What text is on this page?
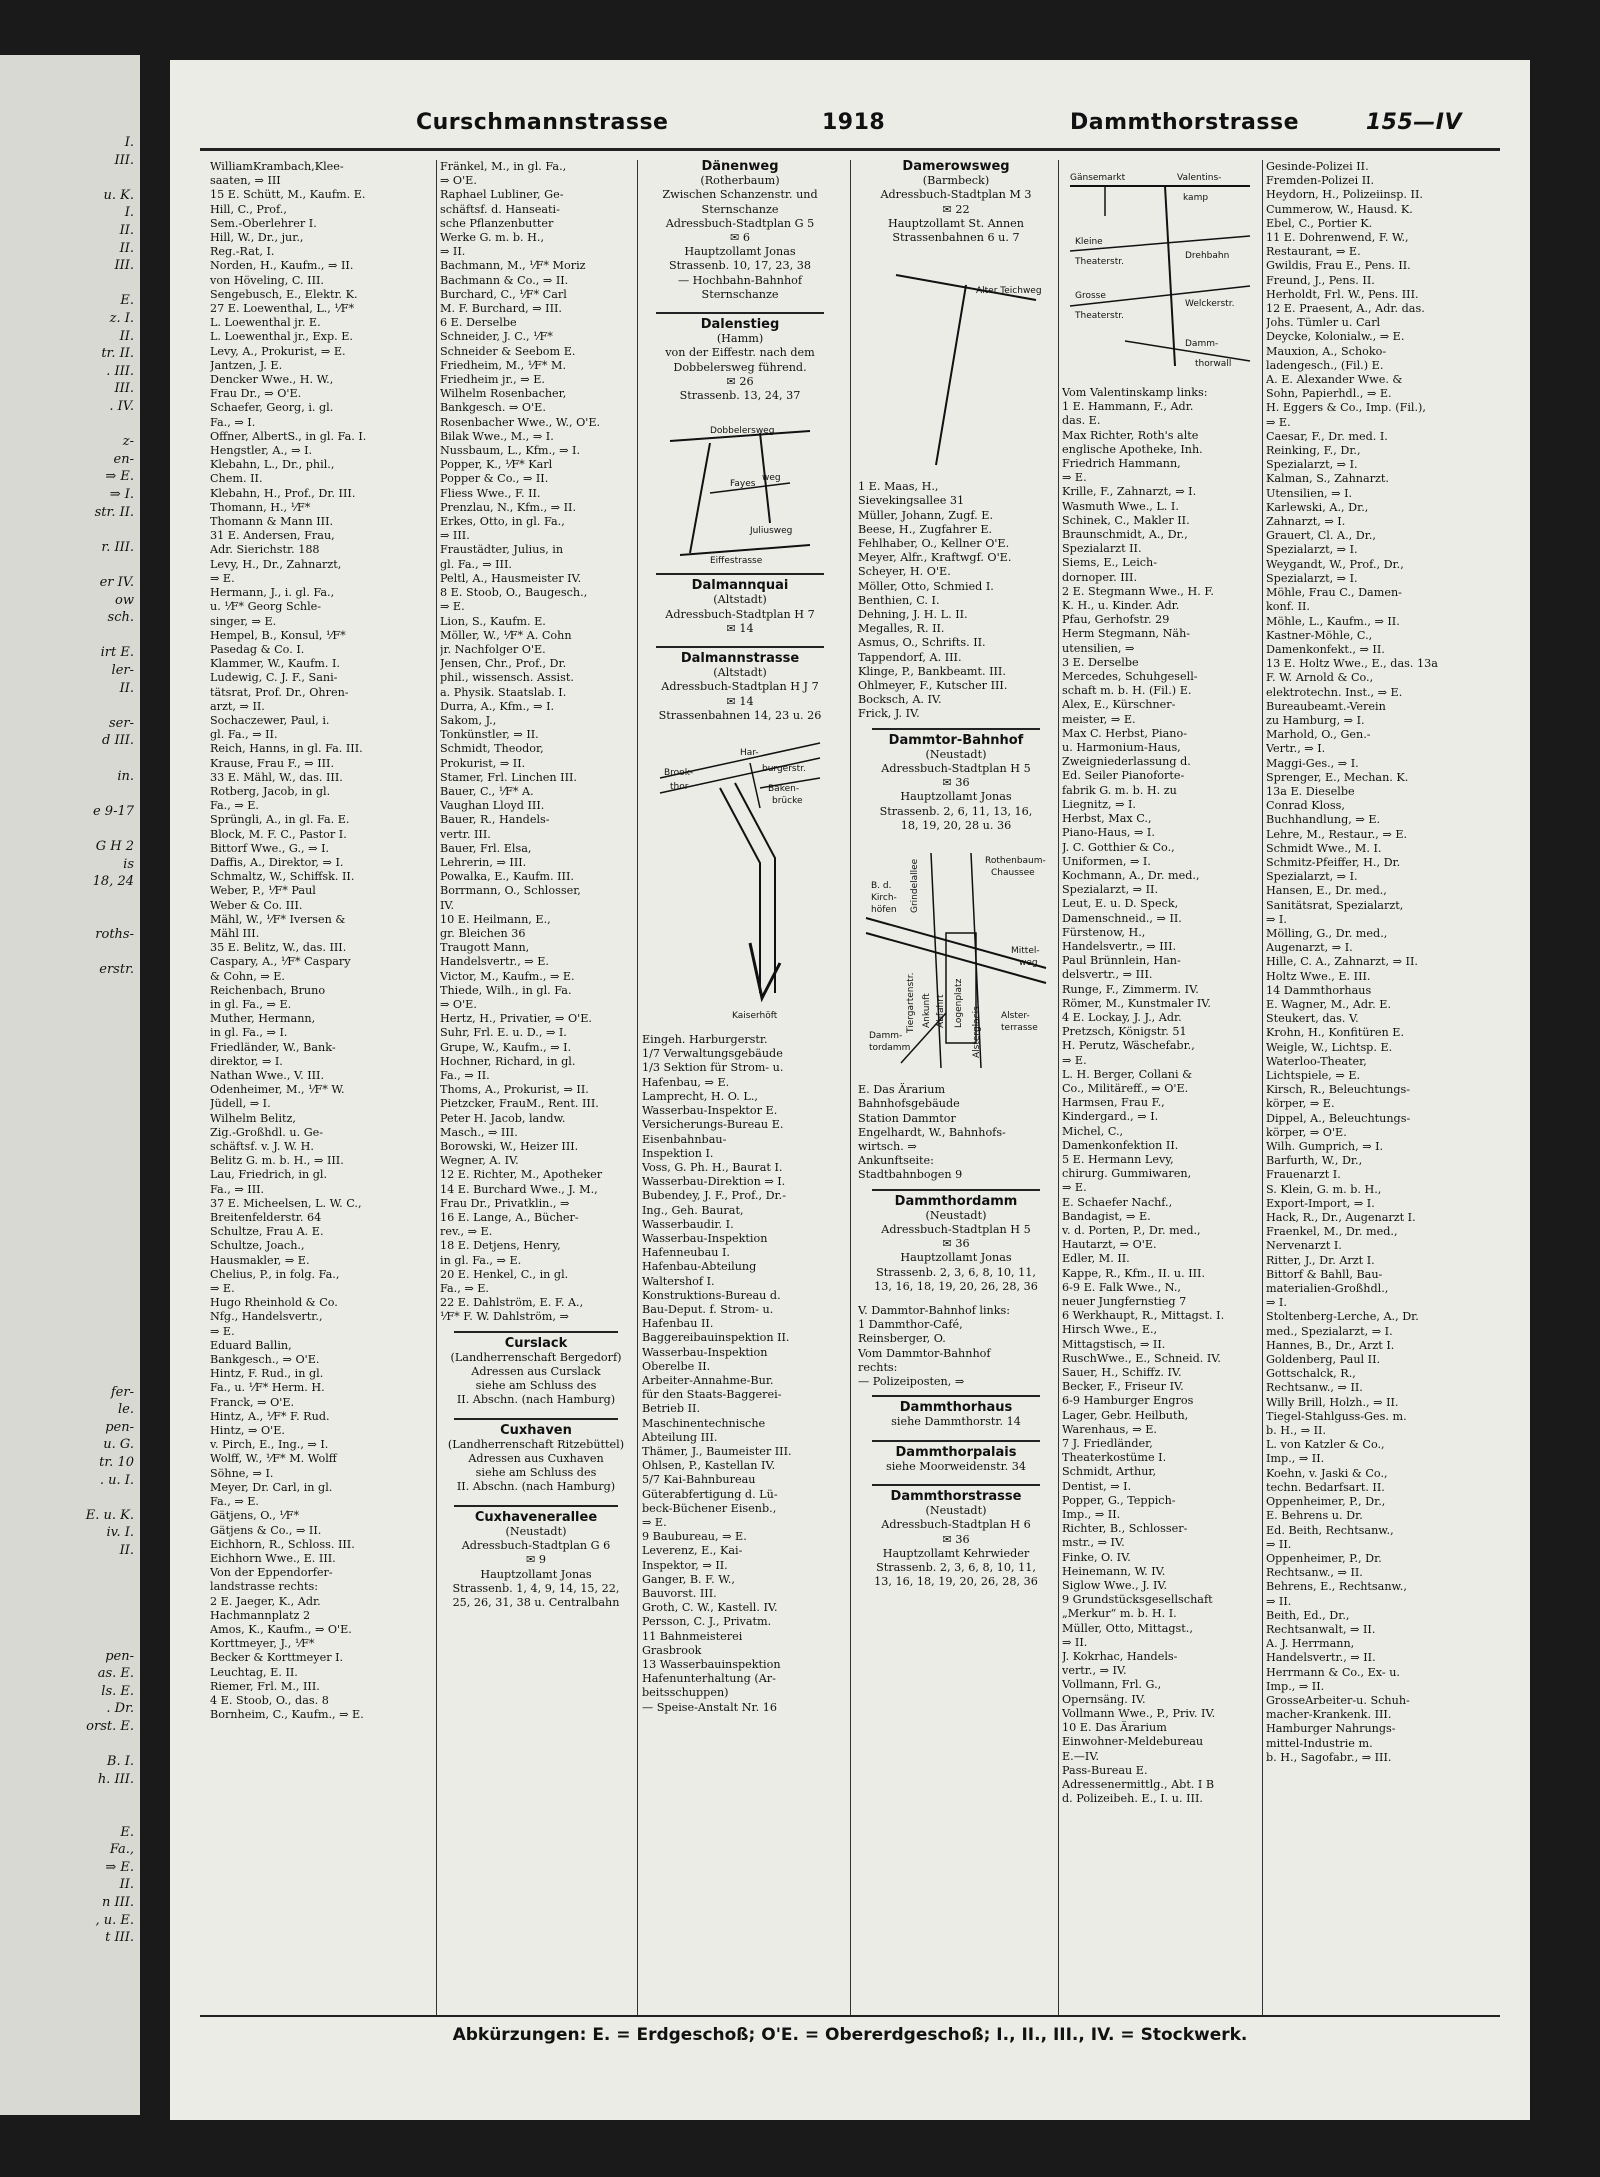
I.
III.
u. K.
I.
II.
II.
III.
E.
z. I.
II.
tr. II.
. III.
III.
. IV.
z-
en-
⇒ E.
⇒ I.
str. II.
r. III.
er IV.
ow
sch.
irt E.
ler-
II.
ser-
d III.
in.
e 9-17
G H 2
is
18, 24
roths-
erstr.
fer-
le.
pen-
u. G.
tr. 10
. u. I.
E. u. K.
iv. I.
II.
pen-
as. E.
ls. E.
. Dr.
orst. E.
B. I.
h. III.
E.
Fa.,
⇒ E.
II.
n III.
, u. E.
t III.
Curschmannstrasse	1918	Dammthorstrasse	155—IV
WilliamKrambach,Klee-
saaten, ⇒ III
15 E. Schütt, M., Kaufm. E.
Hill, C., Prof.,
Sem.-Oberlehrer I.
Hill, W., Dr., jur.,
Reg.-Rat, I.
Norden, H., Kaufm., ⇒ II.
von Höveling, C. III.
Sengebusch, E., Elektr. K.
27 E. Loewenthal, L., ⅟F*
L. Loewenthal jr. E.
L. Loewenthal jr., Exp. E.
Levy, A., Prokurist, ⇒ E.
Jantzen, J. E.
Dencker Wwe., H. W.,
Frau Dr., ⇒ O'E.
Schaefer, Georg, i. gl.
Fa., ⇒ I.
Offner, AlbertS., in gl. Fa. I.
Hengstler, A., ⇒ I.
Klebahn, L., Dr., phil.,
Chem. II.
Klebahn, H., Prof., Dr. III.
Thomann, H., ⅟F*
Thomann & Mann III.
31 E. Andersen, Frau,
Adr. Sierichstr. 188
Levy, H., Dr., Zahnarzt,
⇒ E.
Hermann, J., i. gl. Fa.,
u. ⅟F* Georg Schle-
singer, ⇒ E.
Hempel, B., Konsul, ⅟F*
Pasedag & Co. I.
Klammer, W., Kaufm. I.
Ludewig, C. J. F., Sani-
tätsrat, Prof. Dr., Ohren-
arzt, ⇒ II.
Sochaczewer, Paul, i.
gl. Fa., ⇒ II.
Reich, Hanns, in gl. Fa. III.
Krause, Frau F., ⇒ III.
33 E. Mähl, W., das. III.
Rotberg, Jacob, in gl.
Fa., ⇒ E.
Sprüngli, A., in gl. Fa. E.
Block, M. F. C., Pastor I.
Bittorf Wwe., G., ⇒ I.
Daffis, A., Direktor, ⇒ I.
Schmaltz, W., Schiffsk. II.
Weber, P., ⅟F* Paul
Weber & Co. III.
Mähl, W., ⅟F* Iversen &
Mähl III.
35 E. Belitz, W., das. III.
Caspary, A., ⅟F* Caspary
& Cohn, ⇒ E.
Reichenbach, Bruno
in gl. Fa., ⇒ E.
Muther, Hermann,
in gl. Fa., ⇒ I.
Friedländer, W., Bank-
direktor, ⇒ I.
Nathan Wwe., V. III.
Odenheimer, M., ⅟F* W.
Jüdell, ⇒ I.
Wilhelm Belitz,
Zig.-Großhdl. u. Ge-
schäftsf. v. J. W. H.
Belitz G. m. b. H., ⇒ III.
Lau, Friedrich, in gl.
Fa., ⇒ III.
37 E. Micheelsen, L. W. C.,
Breitenfelderstr. 64
Schultze, Frau A. E.
Schultze, Joach.,
Hausmakler, ⇒ E.
Chelius, P., in folg. Fa.,
⇒ E.
Hugo Rheinhold & Co.
Nfg., Handelsvertr.,
⇒ E.
Eduard Ballin,
Bankgesch., ⇒ O'E.
Hintz, F. Rud., in gl.
Fa., u. ⅟F* Herm. H.
Franck, ⇒ O'E.
Hintz, A., ⅟F* F. Rud.
Hintz, ⇒ O'E.
v. Pirch, E., Ing., ⇒ I.
Wolff, W., ⅟F* M. Wolff
Söhne, ⇒ I.
Meyer, Dr. Carl, in gl.
Fa., ⇒ E.
Gätjens, O., ⅟F*
Gätjens & Co., ⇒ II.
Eichhorn, R., Schloss. III.
Eichhorn Wwe., E. III.
Von der Eppendorfer-
landstrasse rechts:
2 E. Jaeger, K., Adr.
Hachmannplatz 2
Amos, K., Kaufm., ⇒ O'E.
Korttmeyer, J., ⅟F*
Becker & Korttmeyer I.
Leuchtag, E. II.
Riemer, Frl. M., III.
4 E. Stoob, O., das. 8
Bornheim, C., Kaufm., ⇒ E.
Fränkel, M., in gl. Fa.,
⇒ O'E.
Raphael Lubliner, Ge-
schäftsf. d. Hanseati-
sche Pflanzenbutter
Werke G. m. b. H.,
⇒ II.
Bachmann, M., ⅟F* Moriz
Bachmann & Co., ⇒ II.
Burchard, C., ⅟F* Carl
M. F. Burchard, ⇒ III.
6 E. Derselbe
Schneider, J. C., ⅟F*
Schneider & Seebom E.
Friedheim, M., ⅟F* M.
Friedheim jr., ⇒ E.
Wilhelm Rosenbacher,
Bankgesch. ⇒ O'E.
Rosenbacher Wwe., W., O'E.
Bilak Wwe., M., ⇒ I.
Nussbaum, L., Kfm., ⇒ I.
Popper, K., ⅟F* Karl
Popper & Co., ⇒ II.
Fliess Wwe., F. II.
Prenzlau, N., Kfm., ⇒ II.
Erkes, Otto, in gl. Fa.,
⇒ III.
Fraustädter, Julius, in
gl. Fa., ⇒ III.
Peltl, A., Hausmeister IV.
8 E. Stoob, O., Baugesch.,
⇒ E.
Lion, S., Kaufm. E.
Möller, W., ⅟F* A. Cohn
jr. Nachfolger O'E.
Jensen, Chr., Prof., Dr.
phil., wissensch. Assist.
a. Physik. Staatslab. I.
Durra, A., Kfm., ⇒ I.
Sakom, J.,
Tonkünstler, ⇒ II.
Schmidt, Theodor,
Prokurist, ⇒ II.
Stamer, Frl. Linchen III.
Bauer, C., ⅟F* A.
Vaughan Lloyd III.
Bauer, R., Handels-
vertr. III.
Bauer, Frl. Elsa,
Lehrerin, ⇒ III.
Powalka, E., Kaufm. III.
Borrmann, O., Schlosser,
IV.
10 E. Heilmann, E.,
gr. Bleichen 36
Traugott Mann,
Handelsvertr., ⇒ E.
Victor, M., Kaufm., ⇒ E.
Thiede, Wilh., in gl. Fa.
⇒ O'E.
Hertz, H., Privatier, ⇒ O'E.
Suhr, Frl. E. u. D., ⇒ I.
Grupe, W., Kaufm., ⇒ I.
Hochner, Richard, in gl.
Fa., ⇒ II.
Thoms, A., Prokurist, ⇒ II.
Pietzcker, FrauM., Rent. III.
Peter H. Jacob, landw.
Masch., ⇒ III.
Borowski, W., Heizer III.
Wegner, A. IV.
12 E. Richter, M., Apotheker
14 E. Burchard Wwe., J. M.,
Frau Dr., Privatklin., ⇒
16 E. Lange, A., Bücher-
rev., ⇒ E.
18 E. Detjens, Henry,
in gl. Fa., ⇒ E.
20 E. Henkel, C., in gl.
Fa., ⇒ E.
22 E. Dahlström, E. F. A.,
⅟F* F. W. Dahlström, ⇒
Curslack
(Landherrenschaft Bergedorf)
Adressen aus Curslack
siehe am Schluss des
II. Abschn. (nach Hamburg)
Cuxhaven
(Landherrenschaft Ritzebüttel)
Adressen aus Cuxhaven
siehe am Schluss des
II. Abschn. (nach Hamburg)
Cuxhavenerallee
(Neustadt)
Adressbuch-Stadtplan G 6
✉ 9
Hauptzollamt Jonas
Strassenb. 1, 4, 9, 14, 15, 22,
25, 26, 31, 38 u. Centralbahn
Dänenweg
(Rotherbaum)
Zwischen Schanzenstr. und
Sternschanze
Adressbuch-Stadtplan G 5
✉ 6
Hauptzollamt Jonas
Strassenb. 10, 17, 23, 38
— Hochbahn-Bahnhof
Sternschanze
Dalenstieg
(Hamm)
von der Eiffestr. nach dem
Dobbelersweg führend.
✉ 26
Strassenb. 13, 24, 37
Dobbelersweg
Fayes
weg
Juliusweg
Eiffestrasse
Dalmannquai
(Altstadt)
Adressbuch-Stadtplan H 7
✉ 14
Dalmannstrasse
(Altstadt)
Adressbuch-Stadtplan H J 7
✉ 14
Strassenbahnen 14, 23 u. 26
Brook-
thor
Har-
burgerstr.
Baken-
brücke
Kaiserhöft
Eingeh. Harburgerstr.
1/7 Verwaltungsgebäude
1/3 Sektion für Strom- u.
Hafenbau, ⇒ E.
Lamprecht, H. O. L.,
Wasserbau-Inspektor E.
Versicherungs-Bureau E.
Eisenbahnbau-
Inspektion I.
Voss, G. Ph. H., Baurat I.
Wasserbau-Direktion ⇒ I.
Bubendey, J. F., Prof., Dr.-
Ing., Geh. Baurat,
Wasserbaudir. I.
Wasserbau-Inspektion
Hafenneubau I.
Hafenbau-Abteilung
Waltershof I.
Konstruktions-Bureau d.
Bau-Deput. f. Strom- u.
Hafenbau II.
Baggereibauinspektion II.
Wasserbau-Inspektion
Oberelbe II.
Arbeiter-Annahme-Bur.
für den Staats-Baggerei-
Betrieb II.
Maschinentechnische
Abteilung III.
Thämer, J., Baumeister III.
Ohlsen, P., Kastellan IV.
5/7 Kai-Bahnbureau
Güterabfertigung d. Lü-
beck-Büchener Eisenb.,
⇒ E.
9 Baubureau, ⇒ E.
Leverenz, E., Kai-
Inspektor, ⇒ II.
Ganger, B. F. W.,
Bauvorst. III.
Groth, C. W., Kastell. IV.
Persson, C. J., Privatm.
11 Bahnmeisterei
Grasbrook
13 Wasserbauinspektion
Hafenunterhaltung (Ar-
beitsschuppen)
— Speise-Anstalt Nr. 16
Damerowsweg
(Barmbeck)
Adressbuch-Stadtplan M 3
✉ 22
Hauptzollamt St. Annen
Strassenbahnen 6 u. 7
Alter Teichweg
1 E. Maas, H.,
Sievekingsallee 31
Müller, Johann, Zugf. E.
Beese, H., Zugfahrer E.
Fehlhaber, O., Kellner O'E.
Meyer, Alfr., Kraftwgf. O'E.
Scheyer, H. O'E.
Möller, Otto, Schmied I.
Benthien, C. I.
Dehning, J. H. L. II.
Megalles, R. II.
Asmus, O., Schrifts. II.
Tappendorf, A. III.
Klinge, P., Bankbeamt. III.
Ohlmeyer, F., Kutscher III.
Bocksch, A. IV.
Frick, J. IV.
Dammtor-Bahnhof
(Neustadt)
Adressbuch-Stadtplan H 5
✉ 36
Hauptzollamt Jonas
Strassenb. 2, 6, 11, 13, 16,
18, 19, 20, 28 u. 36
B. d.
Kirch-
höfen Grindelallee	Rothenbaum-
Chaussee
Tiergartenstr. Ankunft Abfahrt Logenplatz
Mittel-
weg
Damm-
tordamm	Alsterglacis Alster-
terrasse
E. Das Ärarium
Bahnhofsgebäude
Station Dammtor
Engelhardt, W., Bahnhofs-
wirtsch. ⇒
Ankunftseite:
Stadtbahnbogen 9
Dammthordamm
(Neustadt)
Adressbuch-Stadtplan H 5
✉ 36
Hauptzollamt Jonas
Strassenb. 2, 3, 6, 8, 10, 11,
13, 16, 18, 19, 20, 26, 28, 36
V. Dammtor-Bahnhof links:
1 Dammthor-Café,
Reinsberger, O.
Vom Dammtor-Bahnhof
rechts:
— Polizeiposten, ⇒
Dammthorhaus
siehe Dammthorstr. 14
Dammthorpalais
siehe Moorweidenstr. 34
Dammthorstrasse
(Neustadt)
Adressbuch-Stadtplan H 6
✉ 36
Hauptzollamt Kehrwieder
Strassenb. 2, 3, 6, 8, 10, 11,
13, 16, 18, 19, 20, 26, 28, 36
Gänsemarkt	Valentins-
kamp
Kleine
Theaterstr.
Drehbahn
Grosse
Theaterstr.
Welckerstr.
Damm-
thorwall
Vom Valentinskamp links:
1 E. Hammann, F., Adr.
das. E.
Max Richter, Roth's alte
englische Apotheke, Inh.
Friedrich Hammann,
⇒ E.
Krille, F., Zahnarzt, ⇒ I.
Wasmuth Wwe., L. I.
Schinek, C., Makler II.
Braunschmidt, A., Dr.,
Spezialarzt II.
Siems, E., Leich-
dornoper. III.
2 E. Stegmann Wwe., H. F.
K. H., u. Kinder. Adr.
Pfau, Gerhofstr. 29
Herm Stegmann, Näh-
utensilien, ⇒
3 E. Derselbe
Mercedes, Schuhgesell-
schaft m. b. H. (Fil.) E.
Alex, E., Kürschner-
meister, ⇒ E.
Max C. Herbst, Piano-
u. Harmonium-Haus,
Zweigniederlassung d.
Ed. Seiler Pianoforte-
fabrik G. m. b. H. zu
Liegnitz, ⇒ I.
Herbst, Max C.,
Piano-Haus, ⇒ I.
J. C. Gotthier & Co.,
Uniformen, ⇒ I.
Kochmann, A., Dr. med.,
Spezialarzt, ⇒ II.
Leut, E. u. D. Speck,
Damenschneid., ⇒ II.
Fürstenow, H.,
Handelsvertr., ⇒ III.
Paul Brünnlein, Han-
delsvertr., ⇒ III.
Runge, F., Zimmerm. IV.
Römer, M., Kunstmaler IV.
4 E. Lockay, J. J., Adr.
Pretzsch, Königstr. 51
H. Perutz, Wäschefabr.,
⇒ E.
L. H. Berger, Collani &
Co., Militäreff., ⇒ O'E.
Harmsen, Frau F.,
Kindergard., ⇒ I.
Michel, C.,
Damenkonfektion II.
5 E. Hermann Levy,
chirurg. Gummiwaren,
⇒ E.
E. Schaefer Nachf.,
Bandagist, ⇒ E.
v. d. Porten, P., Dr. med.,
Hautarzt, ⇒ O'E.
Edler, M. II.
Kappe, R., Kfm., II. u. III.
6-9 E. Falk Wwe., N.,
neuer Jungfernstieg 7
6 Werkhaupt, R., Mittagst. I.
Hirsch Wwe., E.,
Mittagstisch, ⇒ II.
RuschWwe., E., Schneid. IV.
Sauer, H., Schiffz. IV.
Becker, F., Friseur IV.
6-9 Hamburger Engros
Lager, Gebr. Heilbuth,
Warenhaus, ⇒ E.
7 J. Friedländer,
Theaterkostüme I.
Schmidt, Arthur,
Dentist, ⇒ I.
Popper, G., Teppich-
Imp., ⇒ II.
Richter, B., Schlosser-
mstr., ⇒ IV.
Finke, O. IV.
Heinemann, W. IV.
Siglow Wwe., J. IV.
9 Grundstücksgesellschaft
„Merkur“ m. b. H. I.
Müller, Otto, Mittagst.,
⇒ II.
J. Kokrhac, Handels-
vertr., ⇒ IV.
Vollmann, Frl. G.,
Opernsäng. IV.
Vollmann Wwe., P., Priv. IV.
10 E. Das Ärarium
Einwohner-Meldebureau
E.—IV.
Pass-Bureau E.
Adressenermittlg., Abt. I B
d. Polizeibeh. E., I. u. III.
Gesinde-Polizei II.
Fremden-Polizei II.
Heydorn, H., Polizeiinsp. II.
Cummerow, W., Hausd. K.
Ebel, C., Portier K.
11 E. Dohrenwend, F. W.,
Restaurant, ⇒ E.
Gwildis, Frau E., Pens. II.
Freund, J., Pens. II.
Herholdt, Frl. W., Pens. III.
12 E. Praesent, A., Adr. das.
Johs. Tümler u. Carl
Deycke, Kolonialw., ⇒ E.
Mauxion, A., Schoko-
ladengesch., (Fil.) E.
A. E. Alexander Wwe. &
Sohn, Papierhdl., ⇒ E.
H. Eggers & Co., Imp. (Fil.),
⇒ E.
Caesar, F., Dr. med. I.
Reinking, F., Dr.,
Spezialarzt, ⇒ I.
Kalman, S., Zahnarzt.
Utensilien, ⇒ I.
Karlewski, A., Dr.,
Zahnarzt, ⇒ I.
Grauert, Cl. A., Dr.,
Spezialarzt, ⇒ I.
Weygandt, W., Prof., Dr.,
Spezialarzt, ⇒ I.
Möhle, Frau C., Damen-
konf. II.
Möhle, L., Kaufm., ⇒ II.
Kastner-Möhle, C.,
Damenkonfekt., ⇒ II.
13 E. Holtz Wwe., E., das. 13a
F. W. Arnold & Co.,
elektrotechn. Inst., ⇒ E.
Bureaubeamt.-Verein
zu Hamburg, ⇒ I.
Marhold, O., Gen.-
Vertr., ⇒ I.
Maggi-Ges., ⇒ I.
Sprenger, E., Mechan. K.
13a E. Dieselbe
Conrad Kloss,
Buchhandlung, ⇒ E.
Lehre, M., Restaur., ⇒ E.
Schmidt Wwe., M. I.
Schmitz-Pfeiffer, H., Dr.
Spezialarzt, ⇒ I.
Hansen, E., Dr. med.,
Sanitätsrat, Spezialarzt,
⇒ I.
Mölling, G., Dr. med.,
Augenarzt, ⇒ I.
Hille, C. A., Zahnarzt, ⇒ II.
Holtz Wwe., E. III.
14 Dammthorhaus
E. Wagner, M., Adr. E.
Steukert, das. V.
Krohn, H., Konfitüren E.
Weigle, W., Lichtsp. E.
Waterloo-Theater,
Lichtspiele, ⇒ E.
Kirsch, R., Beleuchtungs-
körper, ⇒ E.
Dippel, A., Beleuchtungs-
körper, ⇒ O'E.
Wilh. Gumprich, ⇒ I.
Barfurth, W., Dr.,
Frauenarzt I.
S. Klein, G. m. b. H.,
Export-Import, ⇒ I.
Hack, R., Dr., Augenarzt I.
Fraenkel, M., Dr. med.,
Nervenarzt I.
Ritter, J., Dr. Arzt I.
Bittorf & Bahll, Bau-
materialien-Großhdl.,
⇒ I.
Stoltenberg-Lerche, A., Dr.
med., Spezialarzt, ⇒ I.
Hannes, B., Dr., Arzt I.
Goldenberg, Paul II.
Gottschalck, R.,
Rechtsanw., ⇒ II.
Willy Brill, Holzh., ⇒ II.
Tiegel-Stahlguss-Ges. m.
b. H., ⇒ II.
L. von Katzler & Co.,
Imp., ⇒ II.
Koehn, v. Jaski & Co.,
techn. Bedarfsart. II.
Oppenheimer, P., Dr.,
E. Behrens u. Dr.
Ed. Beith, Rechtsanw.,
⇒ II.
Oppenheimer, P., Dr.
Rechtsanw., ⇒ II.
Behrens, E., Rechtsanw.,
⇒ II.
Beith, Ed., Dr.,
Rechtsanwalt, ⇒ II.
A. J. Herrmann,
Handelsvertr., ⇒ II.
Herrmann & Co., Ex- u.
Imp., ⇒ II.
GrosseArbeiter-u. Schuh-
macher-Krankenk. III.
Hamburger Nahrungs-
mittel-Industrie m.
b. H., Sagofabr., ⇒ III.
Abkürzungen: E. = Erdgeschoß; O'E. = Obererdgeschoß; I., II., III., IV. = Stockwerk.
